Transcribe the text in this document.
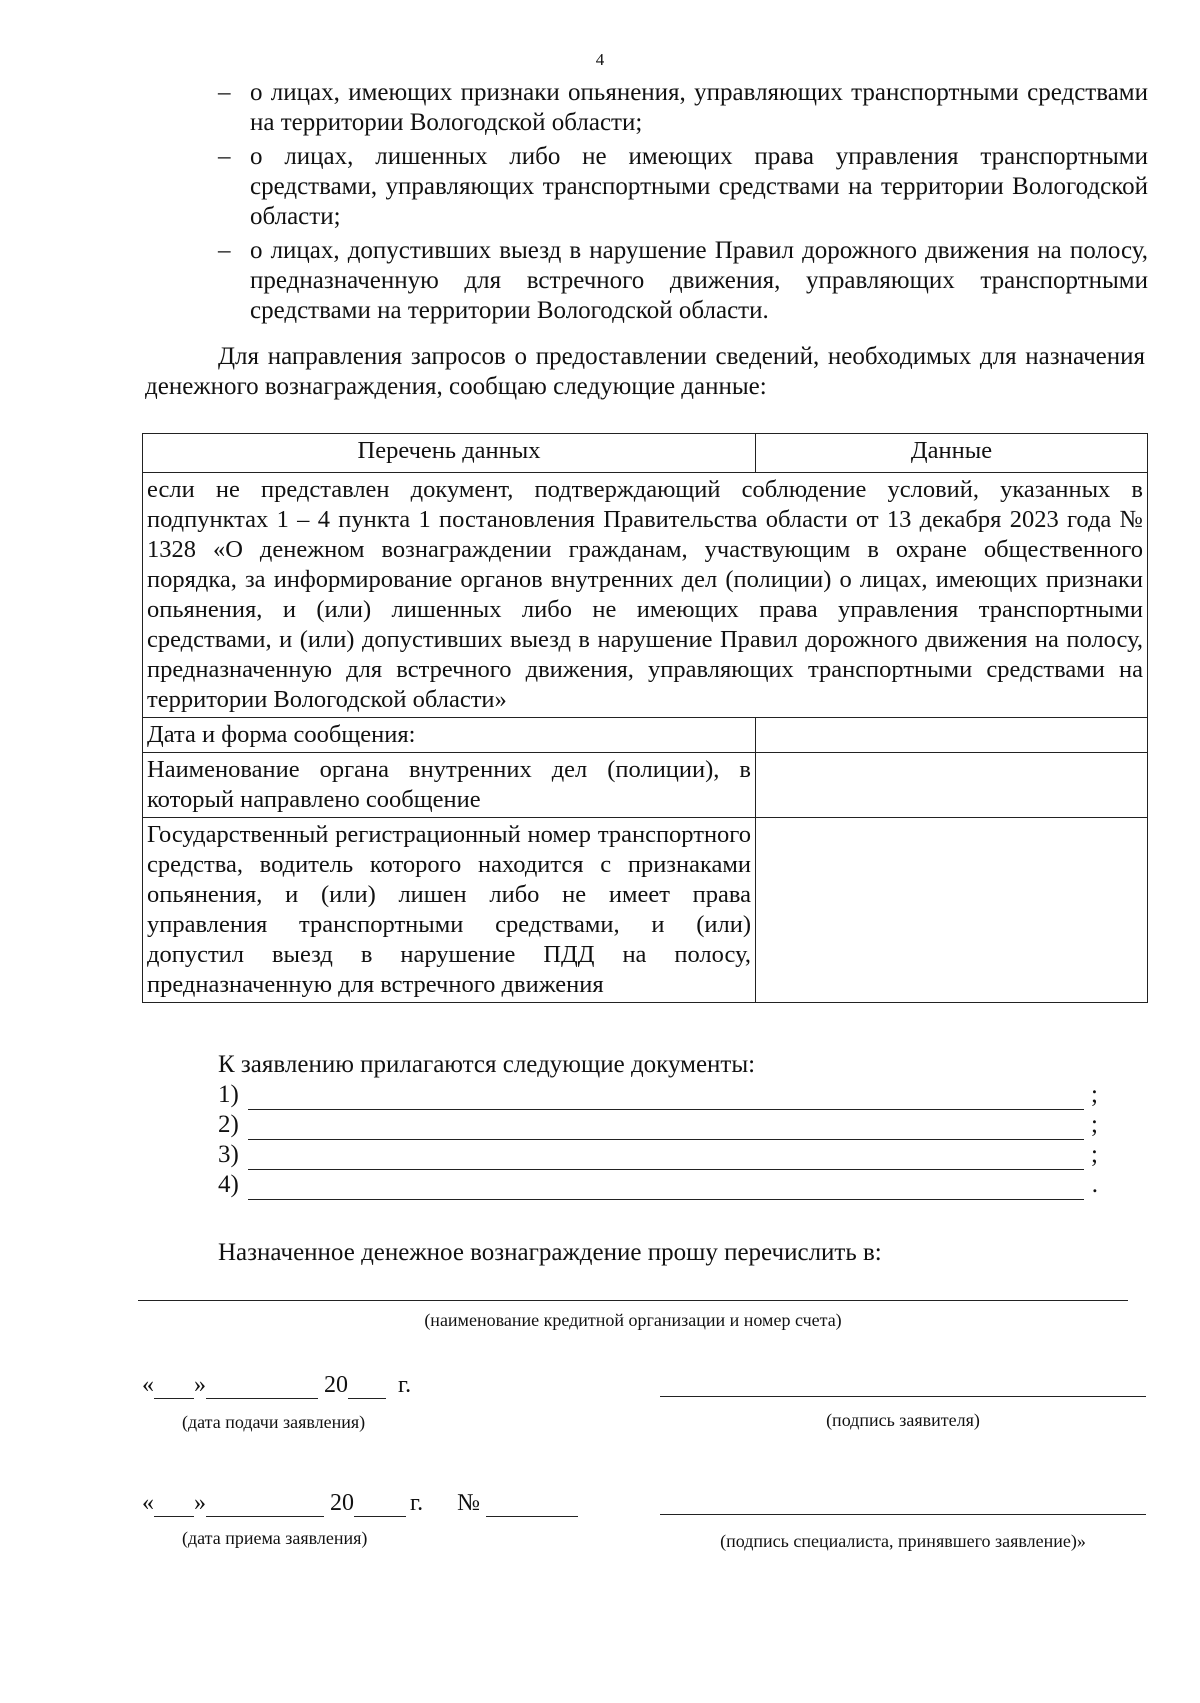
4
– о лицах, имеющих признаки опьянения, управляющих транспортными средствами на территории Вологодской области;
– о лицах, лишенных либо не имеющих права управления транспортными средствами, управляющих транспортными средствами на территории Вологодской области;
– о лицах, допустивших выезд в нарушение Правил дорожного движения на полосу, предназначенную для встречного движения, управляющих транспортными средствами на территории Вологодской области.
Для направления запросов о предоставлении сведений, необходимых для назначения денежного вознаграждения, сообщаю следующие данные:
Перечень данных	Данные
если не представлен документ, подтверждающий соблюдение условий, указанных в подпунктах 1 – 4 пункта 1 постановления Правительства области от 13 декабря 2023 года № 1328 «О денежном вознаграждении гражданам, участвующим в охране общественного порядка, за информирование органов внутренних дел (полиции) о лицах, имеющих признаки опьянения, и (или) лишенных либо не имеющих права управления транспортными средствами, и (или) допустивших выезд в нарушение Правил дорожного движения на полосу, предназначенную для встречного движения, управляющих транспортными средствами на территории Вологодской области»	
Дата и форма сообщения:	
Наименование органа внутренних дел (полиции), в который направлено сообщение	
Государственный регистрационный номер транспортного средства, водитель которого находится с признаками опьянения, и (или) лишен либо не имеет права управления транспортными средствами, и (или) допустил выезд в нарушение ПДД на полосу, предназначенную для встречного движения	
К заявлению прилагаются следующие документы:
1)	;
2)	;
3)	;
4)	.
Назначенное денежное вознаграждение прошу перечислить в:
(наименование кредитной организации и номер счета)
« »	20 г.
(дата подачи заявления)	(подпись заявителя)
« »	20 г. №
(дата приема заявления)	(подпись специалиста, принявшего заявление)»
